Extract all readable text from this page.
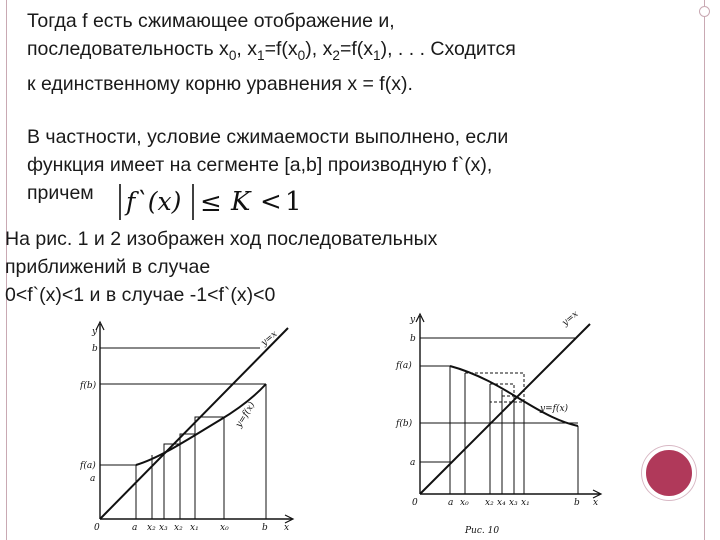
Тогда f есть сжимающее отображение и,
последовательность $x_0$, $x_1=f(x_0)$, $x_2=f(x_1)$, . . . Сходится
к единственному корню уравнения x = f(x).

В частности, условие сжимаемости выполнено, если
функция имеет на сегменте [a,b] производную f`(x),
причем	f`(x) ≤ K < 1

На рис. 1 и 2 изображен ход последовательных
приближений в случае
0<f`(x)<1 и в случае -1<f`(x)<0

y
x
0
b
f(b)
f(a)
a
a x₂ x₃ x₂ x₁ x₀	b
y=f(x)
y=x
y
x
0
b
f(a)
f(b)
a
a x₀ x₂ x₄ x₃ x₁	b
y=f(x)
y=x
Рис. 10
